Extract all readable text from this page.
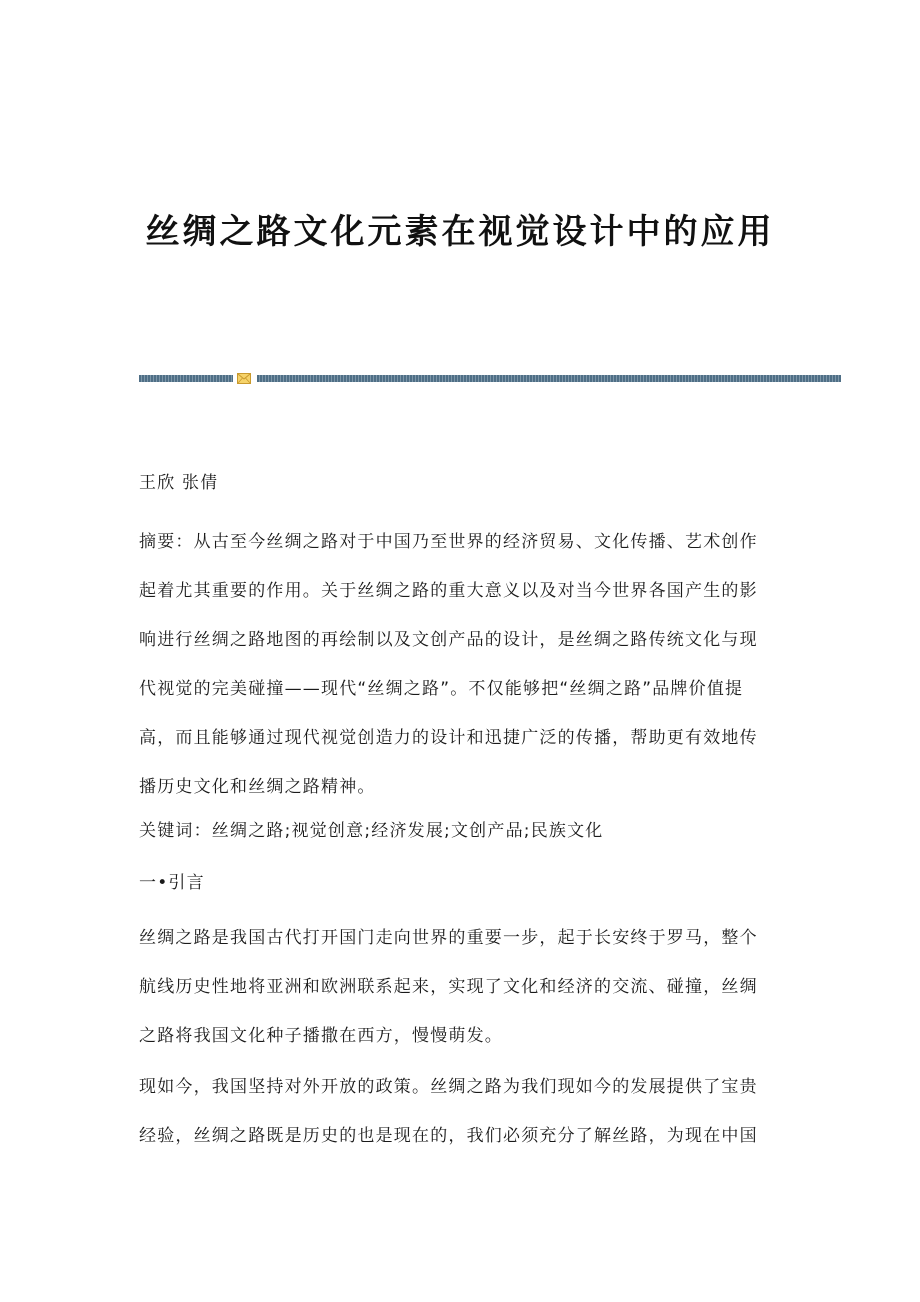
丝绸之路文化元素在视觉设计中的应用

王欣 张倩

摘要：从古至今丝绸之路对于中国乃至世界的经济贸易、文化传播、艺术创作起着尤其重要的作用。关于丝绸之路的重大意义以及对当今世界各国产生的影响进行丝绸之路地图的再绘制以及文创产品的设计，是丝绸之路传统文化与现代视觉的完美碰撞——现代“丝绸之路”。不仅能够把“丝绸之路”品牌价值提高，而且能够通过现代视觉创造力的设计和迅捷广泛的传播，帮助更有效地传播历史文化和丝绸之路精神。

关键词：丝绸之路;视觉创意;经济发展;文创产品;民族文化

一•引言

丝绸之路是我国古代打开国门走向世界的重要一步，起于长安终于罗马，整个航线历史性地将亚洲和欧洲联系起来，实现了文化和经济的交流、碰撞，丝绸之路将我国文化种子播撒在西方，慢慢萌发。

现如今，我国坚持对外开放的政策。丝绸之路为我们现如今的发展提供了宝贵经验，丝绸之路既是历史的也是现在的，我们必须充分了解丝路，为现在中国
